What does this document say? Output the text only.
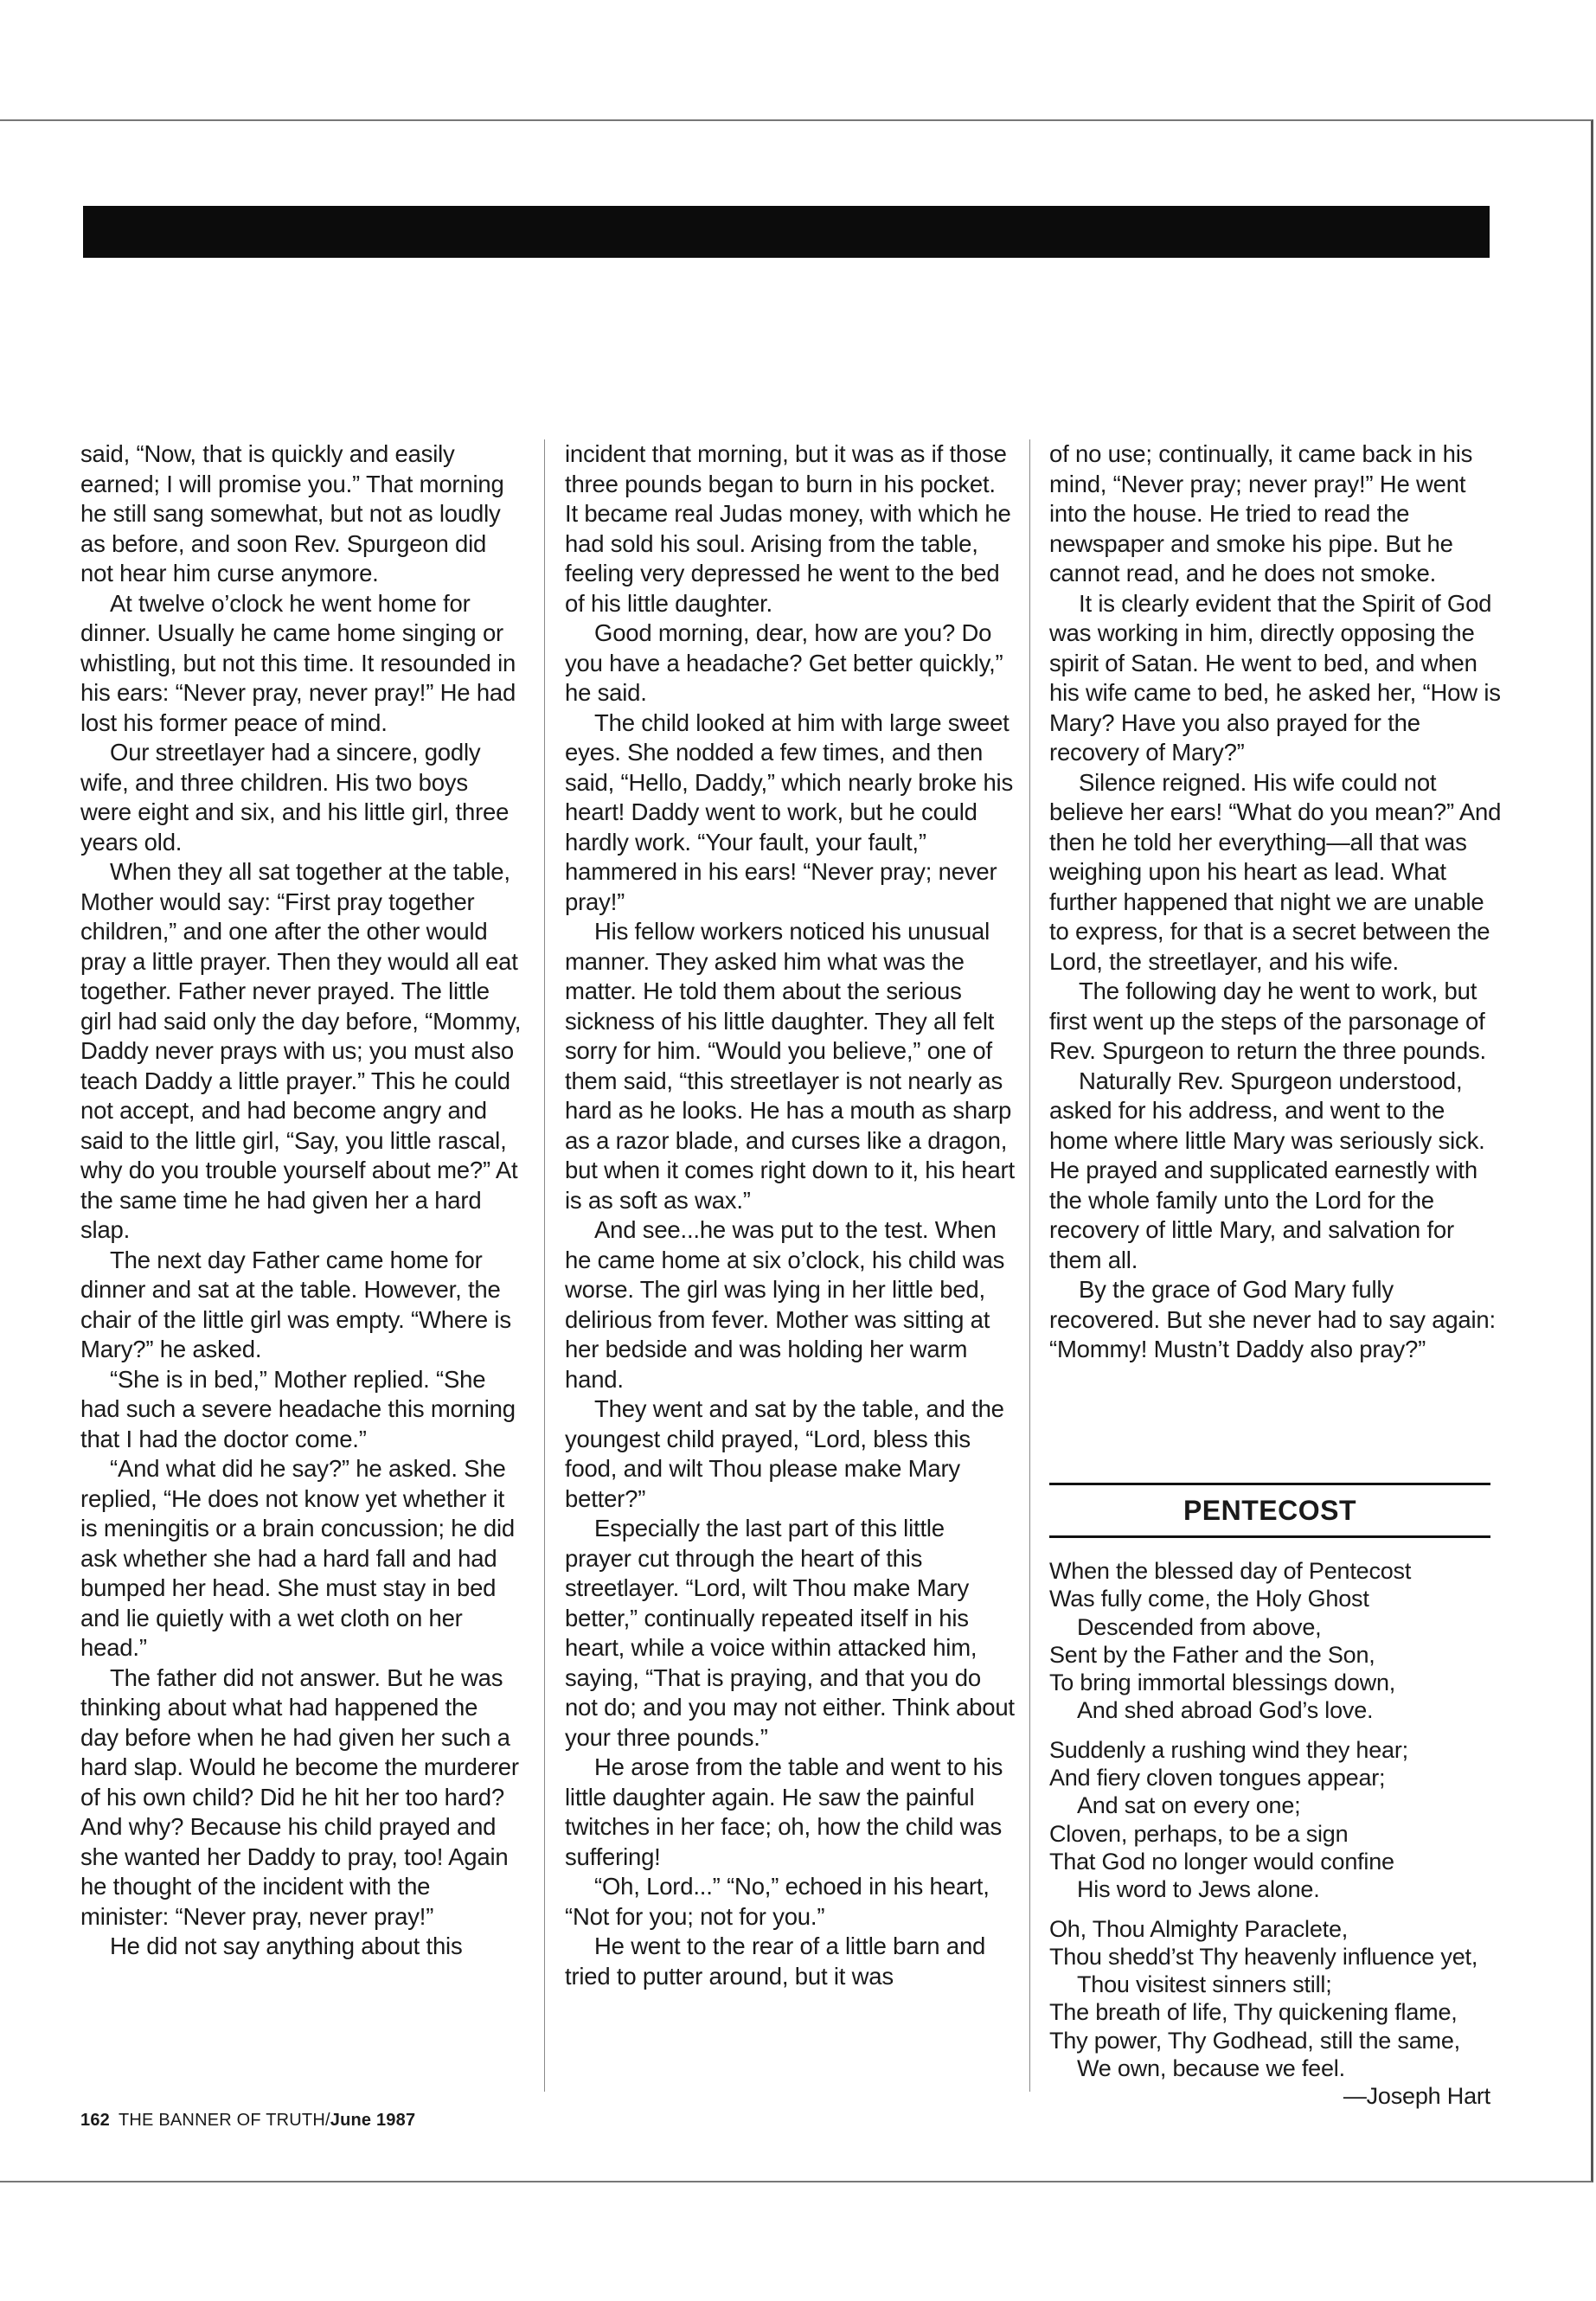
said, “Now, that is quickly and easily earned; I will promise you.” That morning he still sang somewhat, but not as loudly as before, and soon Rev. Spurgeon did not hear him curse anymore.

At twelve o’clock he went home for dinner. Usually he came home singing or whistling, but not this time. It resounded in his ears: “Never pray, never pray!” He had lost his former peace of mind.

Our streetlayer had a sincere, godly wife, and three children. His two boys were eight and six, and his little girl, three years old.

When they all sat together at the table, Mother would say: “First pray together children,” and one after the other would pray a little prayer. Then they would all eat together. Father never prayed. The little girl had said only the day before, “Mommy, Daddy never prays with us; you must also teach Daddy a little prayer.” This he could not accept, and had become angry and said to the little girl, “Say, you little rascal, why do you trouble yourself about me?” At the same time he had given her a hard slap.

The next day Father came home for dinner and sat at the table. However, the chair of the little girl was empty. “Where is Mary?” he asked.

“She is in bed,” Mother replied. “She had such a severe headache this morning that I had the doctor come.”

“And what did he say?” he asked. She replied, “He does not know yet whether it is meningitis or a brain concussion; he did ask whether she had a hard fall and had bumped her head. She must stay in bed and lie quietly with a wet cloth on her head.”

The father did not answer. But he was thinking about what had happened the day before when he had given her such a hard slap. Would he become the murderer of his own child? Did he hit her too hard? And why? Because his child prayed and she wanted her Daddy to pray, too! Again he thought of the incident with the minister: “Never pray, never pray!”

He did not say anything about this

incident that morning, but it was as if those three pounds began to burn in his pocket. It became real Judas money, with which he had sold his soul. Arising from the table, feeling very depressed he went to the bed of his little daughter.

Good morning, dear, how are you? Do you have a headache? Get better quickly,” he said.

The child looked at him with large sweet eyes. She nodded a few times, and then said, “Hello, Daddy,” which nearly broke his heart! Daddy went to work, but he could hardly work. “Your fault, your fault,” hammered in his ears! “Never pray; never pray!”

His fellow workers noticed his unusual manner. They asked him what was the matter. He told them about the serious sickness of his little daughter. They all felt sorry for him. “Would you believe,” one of them said, “this streetlayer is not nearly as hard as he looks. He has a mouth as sharp as a razor blade, and curses like a dragon, but when it comes right down to it, his heart is as soft as wax.”

And see...he was put to the test. When he came home at six o’clock, his child was worse. The girl was lying in her little bed, delirious from fever. Mother was sitting at her bedside and was holding her warm hand.

They went and sat by the table, and the youngest child prayed, “Lord, bless this food, and wilt Thou please make Mary better?”

Especially the last part of this little prayer cut through the heart of this streetlayer. “Lord, wilt Thou make Mary better,” continually repeated itself in his heart, while a voice within attacked him, saying, “That is praying, and that you do not do; and you may not either. Think about your three pounds.”

He arose from the table and went to his little daughter again. He saw the painful twitches in her face; oh, how the child was suffering!

“Oh, Lord...” “No,” echoed in his heart, “Not for you; not for you.”

He went to the rear of a little barn and tried to putter around, but it was

of no use; continually, it came back in his mind, “Never pray; never pray!” He went into the house. He tried to read the newspaper and smoke his pipe. But he cannot read, and he does not smoke.

It is clearly evident that the Spirit of God was working in him, directly opposing the spirit of Satan. He went to bed, and when his wife came to bed, he asked her, “How is Mary? Have you also prayed for the recovery of Mary?”

Silence reigned. His wife could not believe her ears! “What do you mean?” And then he told her everything—all that was weighing upon his heart as lead. What further happened that night we are unable to express, for that is a secret between the Lord, the streetlayer, and his wife.

The following day he went to work, but first went up the steps of the parsonage of Rev. Spurgeon to return the three pounds.

Naturally Rev. Spurgeon understood, asked for his address, and went to the home where little Mary was seriously sick. He prayed and supplicated earnestly with the whole family unto the Lord for the recovery of little Mary, and salvation for them all.

By the grace of God Mary fully recovered. But she never had to say again: “Mommy! Mustn’t Daddy also pray?”

PENTECOST
When the blessed day of Pentecost
Was fully come, the Holy Ghost
Descended from above,
Sent by the Father and the Son,
To bring immortal blessings down,
And shed abroad God’s love.
Suddenly a rushing wind they hear;
And fiery cloven tongues appear;
And sat on every one;
Cloven, perhaps, to be a sign
That God no longer would confine
His word to Jews alone.
Oh, Thou Almighty Paraclete,
Thou shedd’st Thy heavenly influence yet,
Thou visitest sinners still;
The breath of life, Thy quickening flame,
Thy power, Thy Godhead, still the same,
We own, because we feel.
—Joseph Hart
162 THE BANNER OF TRUTH/June 1987
